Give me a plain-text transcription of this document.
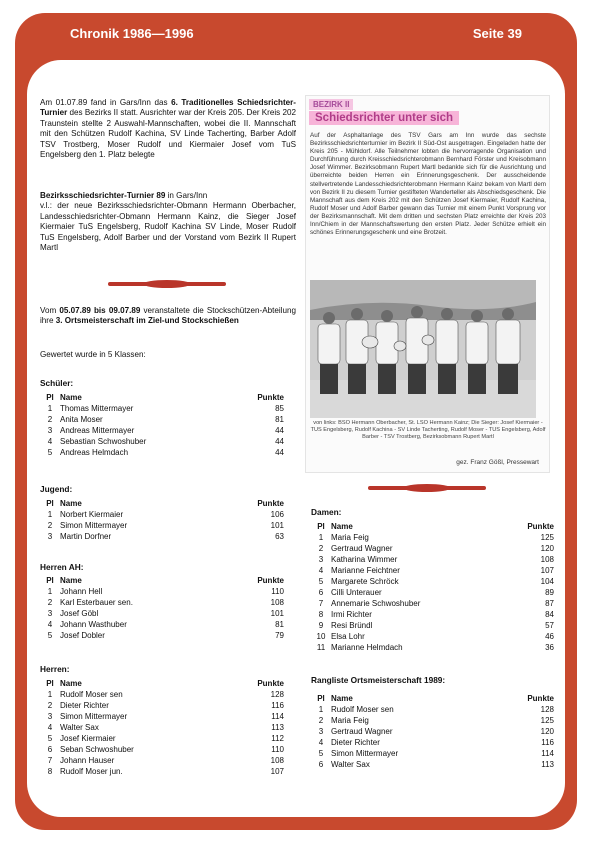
Chronik 1986—1996	Seite 39
Am 01.07.89 fand in Gars/Inn das 6. Traditionelles Schiedsrichter-Turnier des Bezirks II statt. Ausrichter war der Kreis 205. Der Kreis 202 Traunstein stellte 2 Auswahl-Mannschaften, wobei die II. Mannschaft mit den Schützen Rudolf Kachina, SV Linde Tacherting, Barber Adolf TSV Trostberg, Moser Rudolf und Kiermaier Josef vom TuS Engelsberg den 1. Platz belegte
Bezirksschiedsrichter-Turnier 89 in Gars/Inn
v.l.: der neue Bezirksschiedsrichter-Obmann Hermann Oberbacher, Landesschiedsrichter-Obmann Hermann Kainz, die Sieger Josef Kiermaier TuS Engelsberg, Rudolf Kachina SV Linde, Moser Rudolf TuS Engelsberg, Adolf Barber und der Vorstand vom Bezirk II Rupert Martl
Vom 05.07.89 bis 09.07.89 veranstaltete die Stockschützen-Abteilung ihre 3. Ortsmeisterschaft im Ziel-und Stockschießen
Gewertet wurde in 5 Klassen:
Schüler:
Pl	Name	Punkte
1	Thomas Mittermayer	85
2	Anita Moser	81
3	Andreas Mittermayer	44
4	Sebastian Schwoshuber	44
5	Andreas Helmdach	44
Jugend:
Pl	Name	Punkte
1	Norbert Kiermaier	106
2	Simon Mittermayer	101
3	Martin Dorfner	63
Herren AH:
Pl	Name	Punkte
1	Johann Hell	110
2	Karl Esterbauer sen.	108
3	Josef Göbl	101
4	Johann Wasthuber	81
5	Josef Dobler	79
Herren:
Pl	Name	Punkte
1	Rudolf Moser sen	128
2	Dieter Richter	116
3	Simon Mittermayer	114
4	Walter Sax	113
5	Josef Kiermaier	112
6	Seban Schwoshuber	110
7	Johann Hauser	108
8	Rudolf Moser jun.	107
BEZIRK II
Schiedsrichter unter sich
Auf der Asphaltanlage des TSV Gars am Inn wurde das sechste Bezirksschiedsrichterturnier im Bezirk II Süd-Ost ausgetragen. Eingeladen hatte der Kreis 205 - Mühldorf. Alle Teilnehmer lobten die hervorragende Organisation und Durchführung durch Kreisschiedsrichterobmann Bernhard Förster und Kreisobmann Josef Wimmer. Bezirksobmann Rupert Martl bedankte sich für die Ausrichtung und überreichte beiden Herren ein Erinnerungsgeschenk. Der ausscheidende stellvertretende Landesschiedsrichterobmann Hermann Kainz bekam von Martl dem von Bezirk II zu diesem Turnier gestifteten Wanderteller als Abschiedsgeschenk. Die Mannschaft aus dem Kreis 202 mit den Schützen Josef Kiermaier, Rudolf Kachina, Rudolf Moser und Adolf Barber gewann das Turnier mit einem Punkt Vorsprung vor der Bezirksmannschaft. Mit dem dritten und sechsten Platz erreichte der Kreis 203 Inn/Chiem in der Mannschaftswertung den ersten Platz. Jeder Schütze erhielt ein schönes Erinnerungsgeschenk und eine Brotzeit.
von links: BSO Hermann Oberbacher, St. LSO Hermann Kainz; Die Sieger: Josef Kiermaier - TUS Engelsberg, Rudolf Kachina - SV Linde Tacherting, Rudolf Moser - TUS Engelsberg, Adolf Barber - TSV Trostberg, Bezirksobmann Rupert Martl
gez. Franz Gößl, Pressewart
Damen:
Pl	Name	Punkte
1	Maria Feig	125
2	Gertraud Wagner	120
3	Katharina Wimmer	108
4	Marianne Feichtner	107
5	Margarete Schröck	104
6	Cilli Unterauer	89
7	Annemarie Schwoshuber	87
8	Irmi Richter	84
9	Resi Bründl	57
10	Elsa Lohr	46
11	Marianne Helmdach	36
Rangliste Ortsmeisterschaft 1989:
Pl	Name	Punkte
1	Rudolf Moser sen	128
2	Maria Feig	125
3	Gertraud Wagner	120
4	Dieter Richter	116
5	Simon Mittermayer	114
6	Walter Sax	113
